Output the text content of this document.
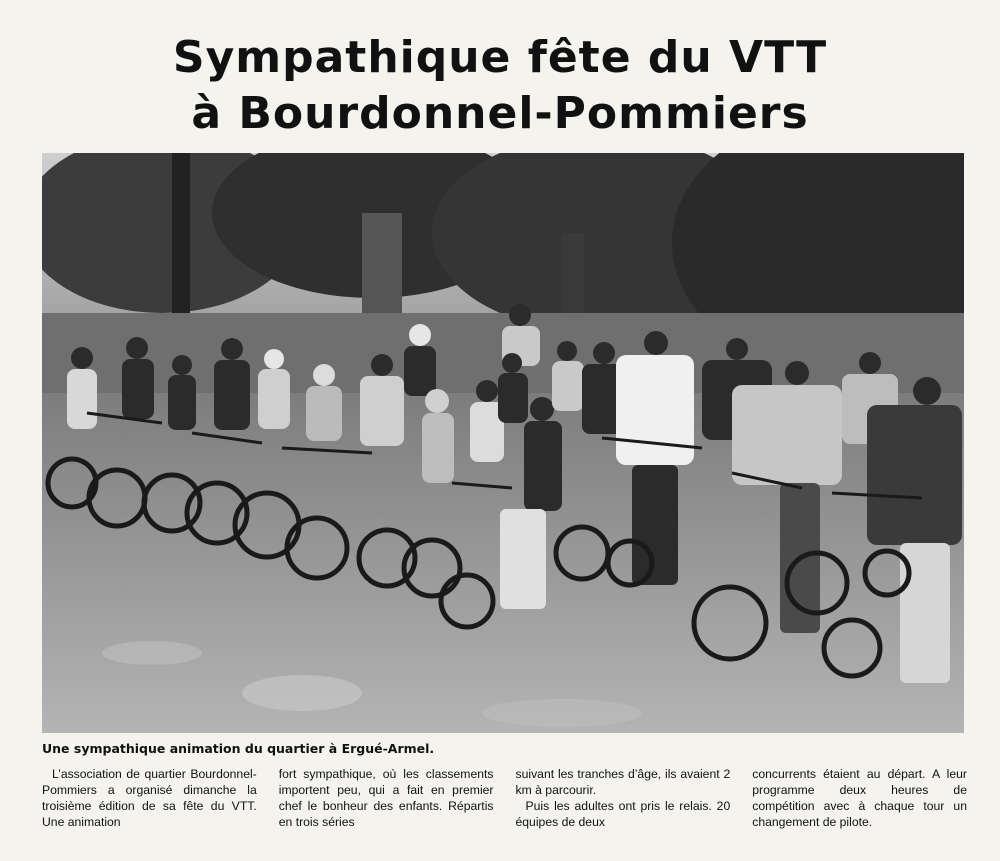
Sympathique fête du VTT
à Bourdonnel-Pommiers

Une sympathique animation du quartier à Ergué-Armel.

L’association de quartier Bourdonnel-Pommiers a organisé dimanche la troisième édition de sa fête du VTT. Une animation

fort sympathique, où les classements importent peu, qui a fait en premier chef le bonheur des enfants. Répartis en trois séries

suivant les tranches d’âge, ils avaient 2 km à parcourir.

Puis les adultes ont pris le relais. 20 équipes de deux

concurrents étaient au départ. A leur programme deux heures de compétition avec à chaque tour un changement de pilote.
